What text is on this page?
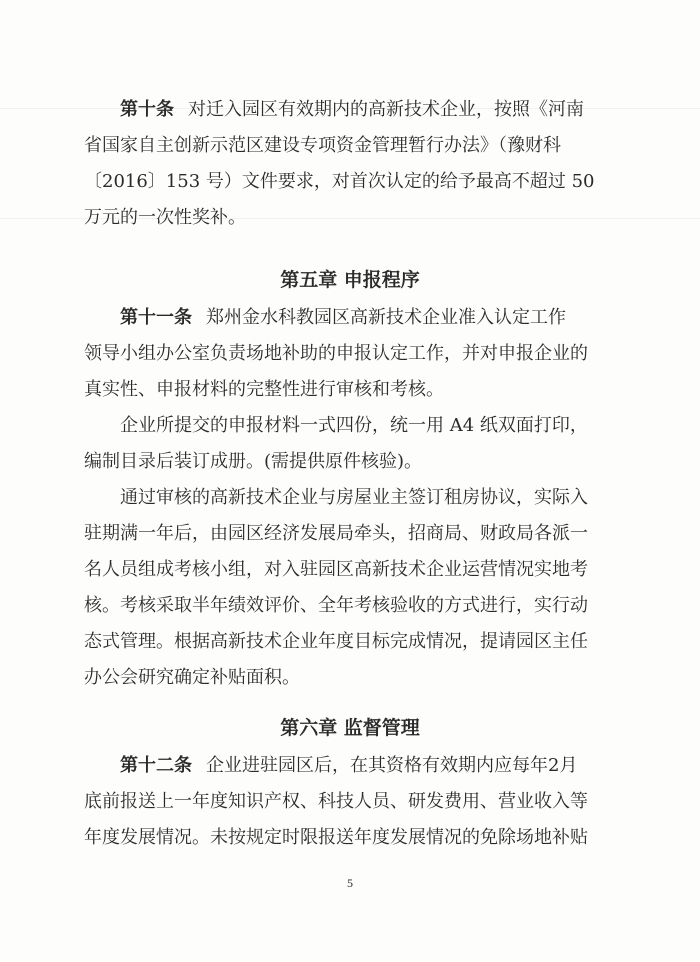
第十条 对迁入园区有效期内的高新技术企业，按照《河南
省国家自主创新示范区建设专项资金管理暂行办法》（豫财科
〔2016〕153 号）文件要求，对首次认定的给予最高不超过 50
万元的一次性奖补。
第五章 申报程序
第十一条 郑州金水科教园区高新技术企业准入认定工作
领导小组办公室负责场地补助的申报认定工作，并对申报企业的
真实性、申报材料的完整性进行审核和考核。
企业所提交的申报材料一式四份，统一用 A4 纸双面打印，
编制目录后装订成册。(需提供原件核验)。
通过审核的高新技术企业与房屋业主签订租房协议，实际入
驻期满一年后，由园区经济发展局牵头，招商局、财政局各派一
名人员组成考核小组，对入驻园区高新技术企业运营情况实地考
核。考核采取半年绩效评价、全年考核验收的方式进行，实行动
态式管理。根据高新技术企业年度目标完成情况，提请园区主任
办公会研究确定补贴面积。
第六章 监督管理
第十二条 企业进驻园区后，在其资格有效期内应每年2月
底前报送上一年度知识产权、科技人员、研发费用、营业收入等
年度发展情况。未按规定时限报送年度发展情况的免除场地补贴
5
